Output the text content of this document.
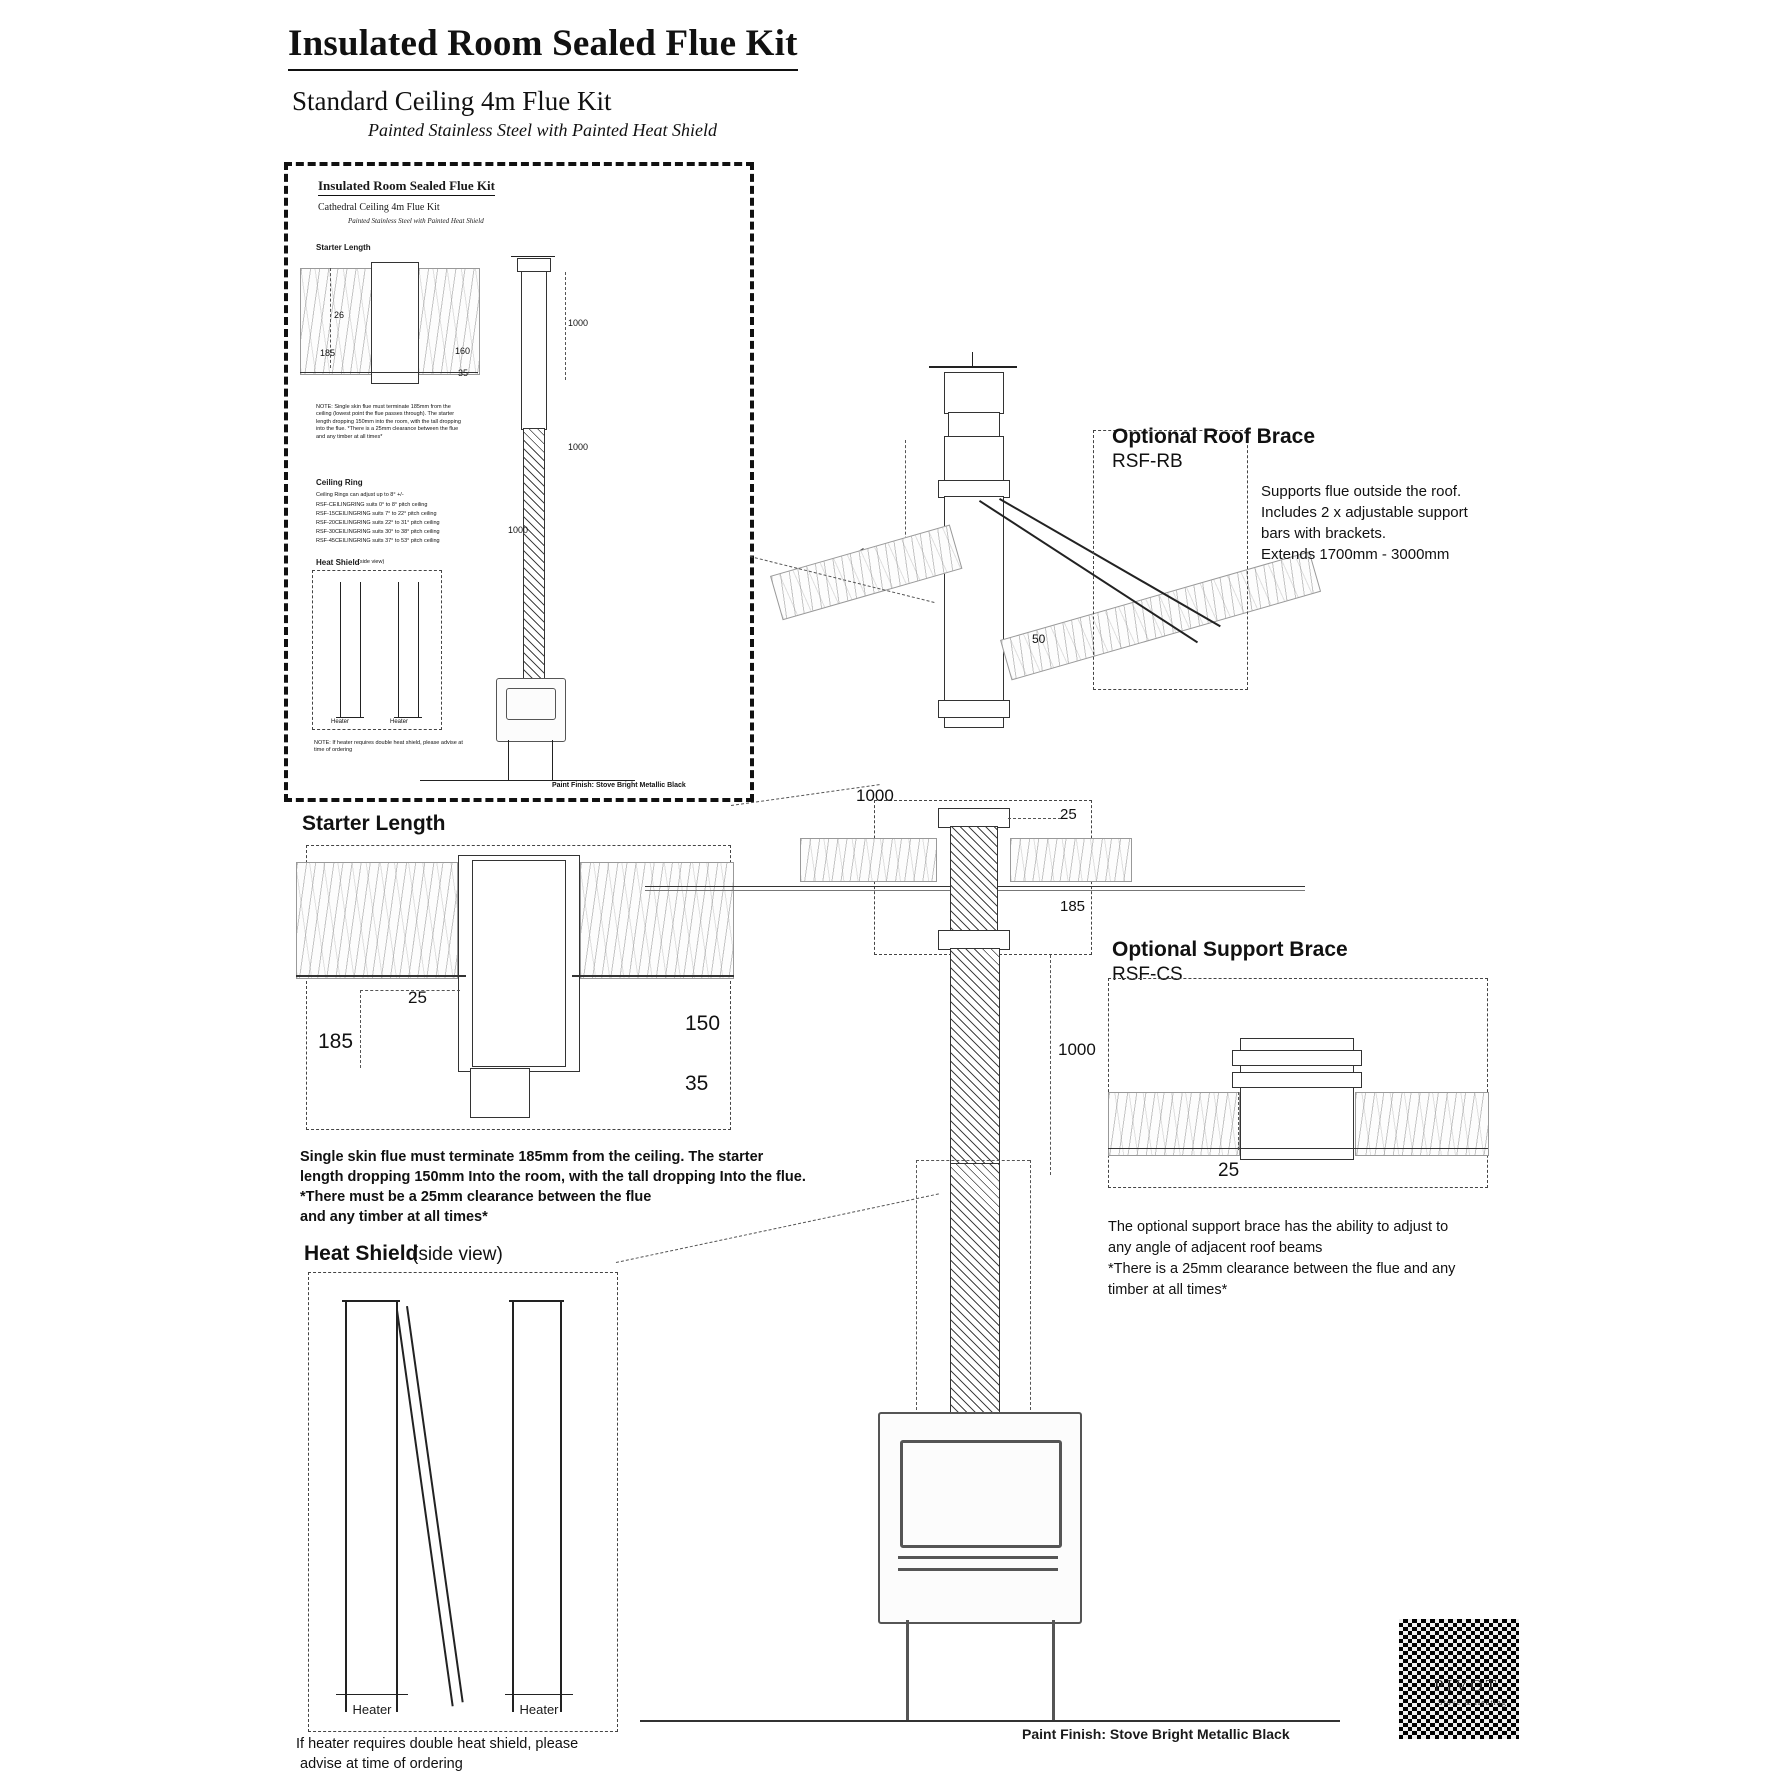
Insulated Room Sealed Flue Kit
Standard Ceiling 4m Flue Kit
Painted Stainless Steel with Painted Heat Shield
Insulated Room Sealed Flue Kit
Cathedral Ceiling 4m Flue Kit
Painted Stainless Steel with Painted Heat Shield
Starter Length
26
185	160
35
1000
1000
1000
NOTE: Single skin flue must terminate 185mm from the ceiling (lowest point the flue passes through). The starter length dropping 150mm into the room, with the tall dropping into the flue. *There is a 25mm clearance between the flue and any timber at all times*
Ceiling Ring
Ceiling Rings can adjust up to 8° +/-
RSF-CEILINGRING suits 0° to 8° pitch ceiling
RSF-15CEILINGRING suits 7° to 22° pitch ceiling
RSF-20CEILINGRING suits 22° to 31° pitch ceiling
RSF-30CEILINGRING suits 30° to 38° pitch ceiling
RSF-45CEILINGRING suits 37° to 53° pitch ceiling
Heat Shield
(side view)
Heater	Heater
NOTE: If heater requires double heat shield, please advise at time of ordering
Paint Finish: Stove Bright Metallic Black
Starter Length
25
185
150
35
Single skin flue must terminate 185mm from the ceiling. The starter
length dropping 150mm Into the room, with the tall dropping Into the flue.
*There must be a 25mm clearance between the flue
and any timber at all times*
Heat Shield
(side view)
Heater	Heater
If heater requires double heat shield, please
advise at time of ordering
50
Optional Roof Brace
RSF-RB
Supports flue outside the roof.
Includes 2 x adjustable support
bars with brackets.
Extends 1700mm - 3000mm
1000
25
185
1000
Paint Finish: Stove Bright Metallic Black
Optional Support Brace
RSF-CS
25
The optional support brace has the ability to adjust to
any angle of adjacent roof beams
*There is a 25mm clearance between the flue and any
timber at all times*
PIVOT
Stove & Heating
